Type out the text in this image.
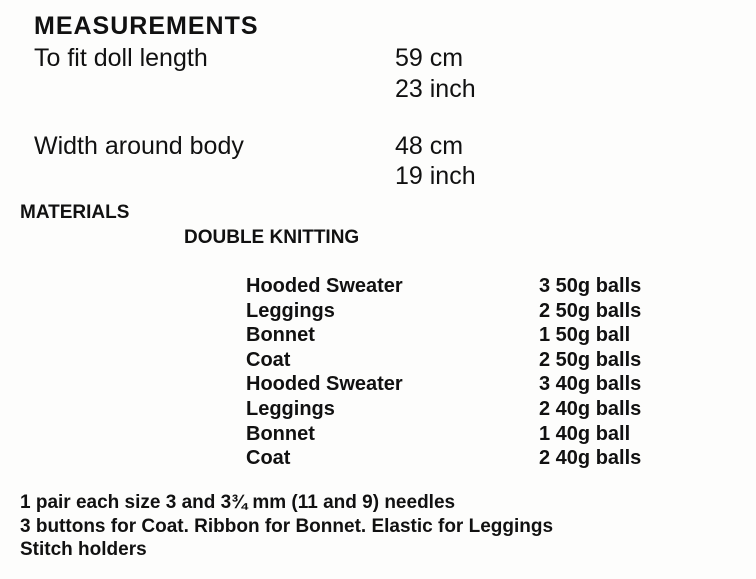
MEASUREMENTS
To fit doll length	59 cm
23 inch
Width around body	48 cm
19 inch
MATERIALS
DOUBLE KNITTING
Hooded Sweater	3 50g balls
Leggings	2 50g balls
Bonnet	1 50g ball
Coat	2 50g balls
Hooded Sweater	3 40g balls
Leggings	2 40g balls
Bonnet	1 40g ball
Coat	2 40g balls
1 pair each size 3 and 3¾ mm (11 and 9) needles
3 buttons for Coat. Ribbon for Bonnet. Elastic for Leggings
Stitch holders
